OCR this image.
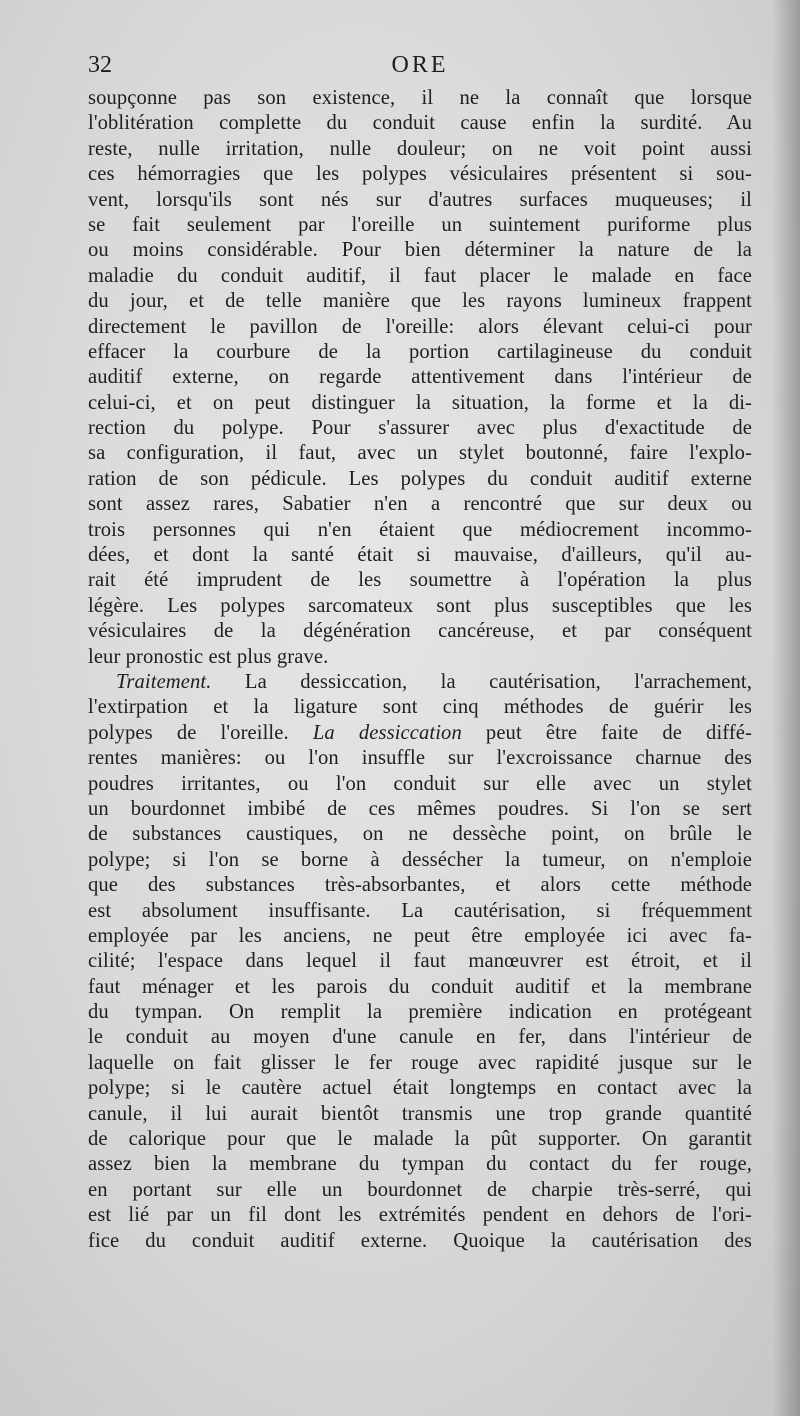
32	ORE
soupçonne pas son existence, il ne la connaît que lorsque
l'oblitération complette du conduit cause enfin la surdité. Au
reste, nulle irritation, nulle douleur; on ne voit point aussi
ces hémorragies que les polypes vésiculaires présentent si sou-
vent, lorsqu'ils sont nés sur d'autres surfaces muqueuses; il
se fait seulement par l'oreille un suintement puriforme plus
ou moins considérable. Pour bien déterminer la nature de la
maladie du conduit auditif, il faut placer le malade en face
du jour, et de telle manière que les rayons lumineux frappent
directement le pavillon de l'oreille: alors élevant celui-ci pour
effacer la courbure de la portion cartilagineuse du conduit
auditif externe, on regarde attentivement dans l'intérieur de
celui-ci, et on peut distinguer la situation, la forme et la di-
rection du polype. Pour s'assurer avec plus d'exactitude de
sa configuration, il faut, avec un stylet boutonné, faire l'explo-
ration de son pédicule. Les polypes du conduit auditif externe
sont assez rares, Sabatier n'en a rencontré que sur deux ou
trois personnes qui n'en étaient que médiocrement incommo-
dées, et dont la santé était si mauvaise, d'ailleurs, qu'il au-
rait été imprudent de les soumettre à l'opération la plus
légère. Les polypes sarcomateux sont plus susceptibles que les
vésiculaires de la dégénération cancéreuse, et par conséquent
leur pronostic est plus grave.
Traitement. La dessiccation, la cautérisation, l'arrachement,
l'extirpation et la ligature sont cinq méthodes de guérir les
polypes de l'oreille. La dessiccation peut être faite de diffé-
rentes manières: ou l'on insuffle sur l'excroissance charnue des
poudres irritantes, ou l'on conduit sur elle avec un stylet
un bourdonnet imbibé de ces mêmes poudres. Si l'on se sert
de substances caustiques, on ne dessèche point, on brûle le
polype; si l'on se borne à dessécher la tumeur, on n'emploie
que des substances très-absorbantes, et alors cette méthode
est absolument insuffisante. La cautérisation, si fréquemment
employée par les anciens, ne peut être employée ici avec fa-
cilité; l'espace dans lequel il faut manœuvrer est étroit, et il
faut ménager et les parois du conduit auditif et la membrane
du tympan. On remplit la première indication en protégeant
le conduit au moyen d'une canule en fer, dans l'intérieur de
laquelle on fait glisser le fer rouge avec rapidité jusque sur le
polype; si le cautère actuel était longtemps en contact avec la
canule, il lui aurait bientôt transmis une trop grande quantité
de calorique pour que le malade la pût supporter. On garantit
assez bien la membrane du tympan du contact du fer rouge,
en portant sur elle un bourdonnet de charpie très-serré, qui
est lié par un fil dont les extrémités pendent en dehors de l'ori-
fice du conduit auditif externe. Quoique la cautérisation des
